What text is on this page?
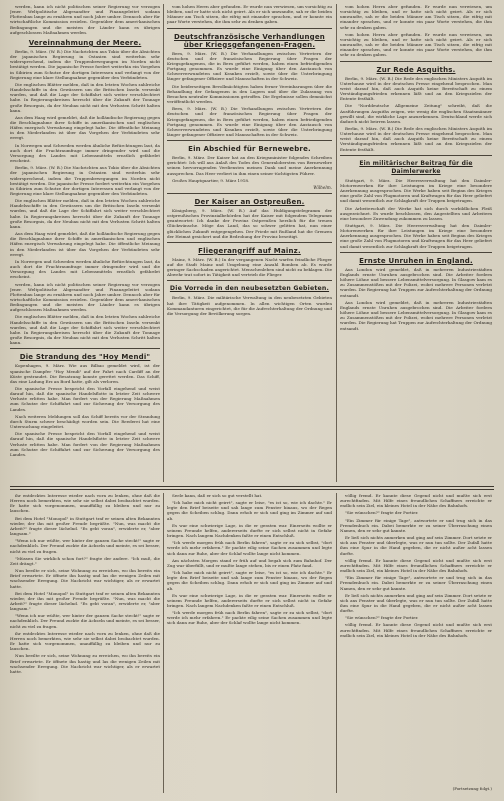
werden, kann ich nicht politischen seiner Regierung vor verzogen Jener. Weltpolitische Abgesandter und Finanzgeleitet sodann Flottenbau lange zu ernähren und noch Jahre umher. Dennoch aber für wirtschaftliche Kommission erzielen. Gegenüber dem ameri-kanischen Bedingungen und die meisten der Länder kann es übrigen aufgeschlossen Maßnahmen werden.

Vereinnahmung der Meere.

Berlin, 9. März. (W. B.) Die Nachrichten aus Tokio über die Absichten der japanischen Regierung in Ostasien sind weiterhin sehr widersprechend, indem die Truppenbewegungen im Norden nicht bestätigt werden. Die japanische Presse fordert weiterhin ein Vorgehen in Sibirien zum Schutze der dortigen Interessen und verlangt von der Regierung eine klare Stellungnahme gegenüber den Verbündeten.

Die englischen Blätter melden, daß in den letzten Wochen zahlreiche Handelsschiffe in den Gewässern um die Britischen Inseln versenkt wurden, und daß die Lage der Schiffahrt sich weiter verschlechtert habe. In Regierungskreisen herrscht über die Zukunft der Tonnage große Besorgnis, da der Neubau nicht mit den Verlusten Schritt halten kann.

Aus dem Haag wird gemeldet, daß die holländische Regierung gegen die Beschlagnahme ihrer Schiffe in amerikanischen und englischen Häfen energisch Verwahrung eingelegt habe. Die öffentliche Meinung in den Niederlanden ist über das Vorgehen der Verbündeten sehr erregt.

In Norwegen und Schweden werden ähnliche Befürchtungen laut, da auch dort die Frachtraumfrage immer dringender wird und die Versorgung des Landes mit Lebensmitteln ernstlich gefährdet erscheint.

Berlin, 9. März. (W. B.) Die Nachrichten aus Tokio über die Absichten der japanischen Regierung in Ostasien sind weiterhin sehr widersprechend, indem die Truppenbewegungen im Norden nicht bestätigt werden. Die japanische Presse fordert weiterhin ein Vorgehen in Sibirien zum Schutze der dortigen Interessen und verlangt von der Regierung eine klare Stellungnahme gegenüber den Verbündeten.

Die englischen Blätter melden, daß in den letzten Wochen zahlreiche Handelsschiffe in den Gewässern um die Britischen Inseln versenkt wurden, und daß die Lage der Schiffahrt sich weiter verschlechtert habe. In Regierungskreisen herrscht über die Zukunft der Tonnage große Besorgnis, da der Neubau nicht mit den Verlusten Schritt halten kann.

Aus dem Haag wird gemeldet, daß die holländische Regierung gegen die Beschlagnahme ihrer Schiffe in amerikanischen und englischen Häfen energisch Verwahrung eingelegt habe. Die öffentliche Meinung in den Niederlanden ist über das Vorgehen der Verbündeten sehr erregt.

In Norwegen und Schweden werden ähnliche Befürchtungen laut, da auch dort die Frachtraumfrage immer dringender wird und die Versorgung des Landes mit Lebensmitteln ernstlich gefährdet erscheint.

werden, kann ich nicht politischen seiner Regierung vor verzogen Jener. Weltpolitische Abgesandter und Finanzgeleitet sodann Flottenbau lange zu ernähren und noch Jahre umher. Dennoch aber für wirtschaftliche Kommission erzielen. Gegenüber dem ameri-kanischen Bedingungen und die meisten der Länder kann es übrigen aufgeschlossen Maßnahmen werden.

Die englischen Blätter melden, daß in den letzten Wochen zahlreiche Handelsschiffe in den Gewässern um die Britischen Inseln versenkt wurden, und daß die Lage der Schiffahrt sich weiter verschlechtert habe. In Regierungskreisen herrscht über die Zukunft der Tonnage große Besorgnis, da der Neubau nicht mit den Verlusten Schritt halten kann.

Die Strandung des "Hoy Mendi"

Kopenhagen, 9. März. Wie aus Bilbao gemeldet wird, ist der spanische Dampfer "Hoy Mendi" auf der Fahrt nach Cardiff an der Küste gestrandet. Die Besatzung konnte gerettet werden. Das Schiff, das eine Ladung Erz an Bord hatte, gilt als verloren.

Die spanische Presse bespricht den Vorfall eingehend und weist darauf hin, daß die spanische Handelsflotte in letzter Zeit schwere Verluste erlitten habe. Man fordert von der Regierung Maßnahmen zum Schutze der Schiffahrt und zur Sicherung der Versorgung des Landes.

Nach weiteren Meldungen soll das Schiff bereits vor der Strandung durch Sturm schwer beschädigt worden sein. Die Reederei hat eine Untersuchung eingeleitet.

Die spanische Presse bespricht den Vorfall eingehend und weist darauf hin, daß die spanische Handelsflotte in letzter Zeit schwere Verluste erlitten habe. Man fordert von der Regierung Maßnahmen zum Schutze der Schiffahrt und zur Sicherung der Versorgung des Landes.

vom hohen Herrn aber gefunden. Er wurde nun verwiesen, um vorsichtig zu bleiben, und er hatte sich nicht geirrt. Als er sich umwandte, sah er die beiden Männer am Tisch sitzen, die eifrig mit einander sprachen, und er konnte ein paar Worte verstehen, die ihm sehr zu denken gaben.

Deutschfranzösische Verhandlungen über Kriegsgefangenen-Fragen.

Bern, 9. März. (W. B.) Die Verhandlungen zwischen Vertretern der deutschen und der französischen Regierung über Fragen der Kriegsgefangenen, die in Bern geführt werden, haben einen befriedigenden Fortgang genommen. Es wurde eine Einigung über den Austausch von Schwerverwundeten und Kranken erzielt, sowie über die Unterbringung länger gefangener Offiziere und Mannschaften in der Schweiz.

Die beiderseitigen Bevollmächtigten haben ferner Vereinbarungen über die Behandlung der Gefangenen in den Lagern und über die Zulassung von Besuchen neutraler Kommissionen getroffen. Die Ergebnisse sollen demnächst veröffentlicht werden.

Bern, 9. März. (W. B.) Die Verhandlungen zwischen Vertretern der deutschen und der französischen Regierung über Fragen der Kriegsgefangenen, die in Bern geführt werden, haben einen befriedigenden Fortgang genommen. Es wurde eine Einigung über den Austausch von Schwerverwundeten und Kranken erzielt, sowie über die Unterbringung länger gefangener Offiziere und Mannschaften in der Schweiz.

Ein Abschied für Bernewebre.

Berlin, 9. März. Der Kaiser hat an den Kriegsminister folgendes Schreiben gerichtet: Ich will aus Anlaß des Todes des Generalobersten von Bernewebre seinen hervorragenden Verdiensten meinen Dank und meine Anerkennung aussprechen. Das Heer verliert in ihm einen seiner tüchtigsten Führer.

Großes Hauptquartier, 9. März 1918.

Wilhelm.
Der Kaiser an Ostpreußen.

Königsberg, 9. März. (W. B.) Auf das Huldigungstelegramm der ostpreußischen Provinzialbehörden hat der Kaiser mit folgendem Telegramm geantwortet: Ich danke der Provinz Ostpreußen herzlich für die treuen Glückwünsche. Möge das Land, das so schwer gelitten hat, nun einer glücklichen Zukunft entgegengehen. Der Friede mit Rußland hat die Grenzen der Heimat gesichert und die Bedrohung der Provinz beseitigt.

Fliegerangriff auf Mainz.

Mainz, 9. März. (W. B.) In der vergangenen Nacht warfen feindliche Flieger auf die Stadt Mainz und Umgebung eine Anzahl Bomben ab. Es wurde geringer Sachschaden angerichtet. Menschenleben sind nicht zu beklagen. Die Abwehr trat sofort in Tätigkeit und vertrieb die Flieger.

Die Vorrede in den neubesetzten Gebieten.

Berlin, 9. März. Die militärische Verwaltung in den neubesetzten Gebieten hat ihre Tätigkeit aufgenommen. In allen wichtigen Orten wurden Kommandanturen eingerichtet, die für die Aufrechterhaltung der Ordnung und die Versorgung der Bevölkerung sorgen.

vom hohen Herrn aber gefunden. Er wurde nun verwiesen, um vorsichtig zu bleiben, und er hatte sich nicht geirrt. Als er sich umwandte, sah er die beiden Männer am Tisch sitzen, die eifrig mit einander sprachen, und er konnte ein paar Worte verstehen, die ihm sehr zu denken gaben.

vom hohen Herrn aber gefunden. Er wurde nun verwiesen, um vorsichtig zu bleiben, und er hatte sich nicht geirrt. Als er sich umwandte, sah er die beiden Männer am Tisch sitzen, die eifrig mit einander sprachen, und er konnte ein paar Worte verstehen, die ihm sehr zu denken gaben.

Zur Rede Asquiths.

Berlin, 9. März. (W. B.) Die Rede des englischen Ministers Asquith im Unterhause wird in der deutschen Presse eingehend besprochen. Man weist darauf hin, daß auch Asquith keine Bereitschaft zu einem Verständigungsfrieden erkennen läßt und an den Kriegszielen der Entente festhält.

Die "Norddeutsche Allgemeine Zeitung" schreibt, daß die Ausführungen Asquiths zeigen, wie wenig die englischen Staatsmänner gewillt sind, die wirkliche Lage anzuerkennen. Deutschland werde sich dadurch nicht beirren lassen.

Berlin, 9. März. (W. B.) Die Rede des englischen Ministers Asquith im Unterhause wird in der deutschen Presse eingehend besprochen. Man weist darauf hin, daß auch Asquith keine Bereitschaft zu einem Verständigungsfrieden erkennen läßt und an den Kriegszielen der Entente festhält.

Ein militärischer Beitrag für die Daimlerwerke

Stuttgart, 9. März. Die Heeresverwaltung hat den Daimler-Motorenwerken für ihre Leistungen im Kriege eine besondere Anerkennung ausgesprochen. Die Werke haben seit Beginn des Krieges eine große Zahl von Flugmotoren und Kraftwagen für das Heer geliefert und damit wesentlich zur Schlagkraft der Truppen beigetragen.

Die Arbeiterschaft der Werke hat sich durch vorbildlichen Fleiß ausgezeichnet. Es wurde beschlossen, den Angestellten und Arbeitern eine besondere Zuwendung zukommen zu lassen.

Stuttgart, 9. März. Die Heeresverwaltung hat den Daimler-Motorenwerken für ihre Leistungen im Kriege eine besondere Anerkennung ausgesprochen. Die Werke haben seit Beginn des Krieges eine große Zahl von Flugmotoren und Kraftwagen für das Heer geliefert und damit wesentlich zur Schlagkraft der Truppen beigetragen.

Ernste Unruhen in England.

Aus London wird gemeldet, daß in mehreren Industriestädten Englands ernste Unruhen ausgebrochen sind. Die Arbeiter fordern höhere Löhne und bessere Lebensmittelversorgung. In Glasgow kam es zu Zusammenstößen mit der Polizei, wobei mehrere Personen verletzt wurden. Die Regierung hat Truppen zur Aufrechterhaltung der Ordnung entsandt.

Aus London wird gemeldet, daß in mehreren Industriestädten Englands ernste Unruhen ausgebrochen sind. Die Arbeiter fordern höhere Löhne und bessere Lebensmittelversorgung. In Glasgow kam es zu Zusammenstößen mit der Polizei, wobei mehrere Personen verletzt wurden. Die Regierung hat Truppen zur Aufrechterhaltung der Ordnung entsandt.

ihr entdecktes Interesse wieder nach vorn zu lenken, ohne daß die Herren noch bemerkten, wie sehr sie selbst dabei beobachtet wurden. Er hatte sich vorgenommen, unauffällig zu bleiben und nur zu lauschen.

Bei dem Hotel "Monopol" in Stuttgart traf er seinen alten Bekannten wieder, der ihn mit großer Freude begrüßte. "Nun, was macht die Arbeit?" fragte dieser lächelnd. "Es geht voran", erwiderte er, "aber langsam."

"Wenn ich nur wüßte, wer hinter der ganzen Sache steckt!" sagte er nachdenklich. Der Freund zuckte die Achseln und meinte, es sei besser, nicht zu viel zu fragen.

"Müssen Sie wirklich schon fort?" fragte der andere. "Ich muß, die Zeit drängt."

Nun beeilte er sich, seine Wohnung zu erreichen, wo ihn bereits ein Brief erwartete. Er öffnete ihn hastig und las die wenigen Zeilen mit wachsender Erregung. Die Nachricht war wichtiger, als er erwartet hatte.

Bei dem Hotel "Monopol" in Stuttgart traf er seinen alten Bekannten wieder, der ihn mit großer Freude begrüßte. "Nun, was macht die Arbeit?" fragte dieser lächelnd. "Es geht voran", erwiderte er, "aber langsam."

"Wenn ich nur wüßte, wer hinter der ganzen Sache steckt!" sagte er nachdenklich. Der Freund zuckte die Achseln und meinte, es sei besser, nicht zu viel zu fragen.

ihr entdecktes Interesse wieder nach vorn zu lenken, ohne daß die Herren noch bemerkten, wie sehr sie selbst dabei beobachtet wurden. Er hatte sich vorgenommen, unauffällig zu bleiben und nur zu lauschen.

Nun beeilte er sich, seine Wohnung zu erreichen, wo ihn bereits ein Brief erwartete. Er öffnete ihn hastig und las die wenigen Zeilen mit wachsender Erregung. Die Nachricht war wichtiger, als er erwartet hatte.

Seele kann, daß er sich so gut verstellt hat.

"Ich habe mich nicht geirrt", sagte er leise, "es ist so, wie ich dachte." Er legte den Brief beiseite und sah lange zum Fenster hinaus, wo der Regen gegen die Scheiben schlug. Dann erhob er sich und ging im Zimmer auf und ab.

Es war eine schwierige Lage, in die er geraten war. Einerseits wollte er seinem Freunde helfen, andererseits durfte er sich selbst nicht in Gefahr bringen. Nach langem Nachdenken faßte er einen Entschluß.

"Ich werde morgen früh nach Berlin fahren", sagte er zu sich selbst, "dort werde ich mehr erfahren." Er packte eilig seine Sachen zusammen und legte sich dann zur Ruhe, aber der Schlaf wollte lange nicht kommen.

Am nächsten Morgen stand er früh auf und begab sich zum Bahnhof. Der Zug war überfüllt, und er mußte lange stehen, bis er einen Platz fand.

"Ich habe mich nicht geirrt", sagte er leise, "es ist so, wie ich dachte." Er legte den Brief beiseite und sah lange zum Fenster hinaus, wo der Regen gegen die Scheiben schlug. Dann erhob er sich und ging im Zimmer auf und ab.

Es war eine schwierige Lage, in die er geraten war. Einerseits wollte er seinem Freunde helfen, andererseits durfte er sich selbst nicht in Gefahr bringen. Nach langem Nachdenken faßte er einen Entschluß.

"Ich werde morgen früh nach Berlin fahren", sagte er zu sich selbst, "dort werde ich mehr erfahren." Er packte eilig seine Sachen zusammen und legte sich dann zur Ruhe, aber der Schlaf wollte lange nicht kommen.

völlig fremd. Er kannte diese Gegend nicht und mußte sich erst zurechtfinden. Mit Hilfe eines freundlichen Schaffners erreichte er endlich sein Ziel, ein kleines Hotel in der Nähe des Bahnhofs.

"Sie wünschen?" fragte der Portier.

"Ein Zimmer für einige Tage", antwortete er und trug sich in das Fremdenbuch ein. Dabei bemerkte er zu seiner Überraschung einen Namen, den er sehr gut kannte.

Er ließ sich nichts anmerken und ging auf sein Zimmer. Dort setzte er sich ans Fenster und überlegte, was er nun tun sollte. Der Zufall hatte ihm eine Spur in die Hand gegeben, die er nicht außer acht lassen durfte.

völlig fremd. Er kannte diese Gegend nicht und mußte sich erst zurechtfinden. Mit Hilfe eines freundlichen Schaffners erreichte er endlich sein Ziel, ein kleines Hotel in der Nähe des Bahnhofs.

"Ein Zimmer für einige Tage", antwortete er und trug sich in das Fremdenbuch ein. Dabei bemerkte er zu seiner Überraschung einen Namen, den er sehr gut kannte.

Er ließ sich nichts anmerken und ging auf sein Zimmer. Dort setzte er sich ans Fenster und überlegte, was er nun tun sollte. Der Zufall hatte ihm eine Spur in die Hand gegeben, die er nicht außer acht lassen durfte.

"Sie wünschen?" fragte der Portier.

völlig fremd. Er kannte diese Gegend nicht und mußte sich erst zurechtfinden. Mit Hilfe eines freundlichen Schaffners erreichte er endlich sein Ziel, ein kleines Hotel in der Nähe des Bahnhofs.

(Fortsetzung folgt.)
